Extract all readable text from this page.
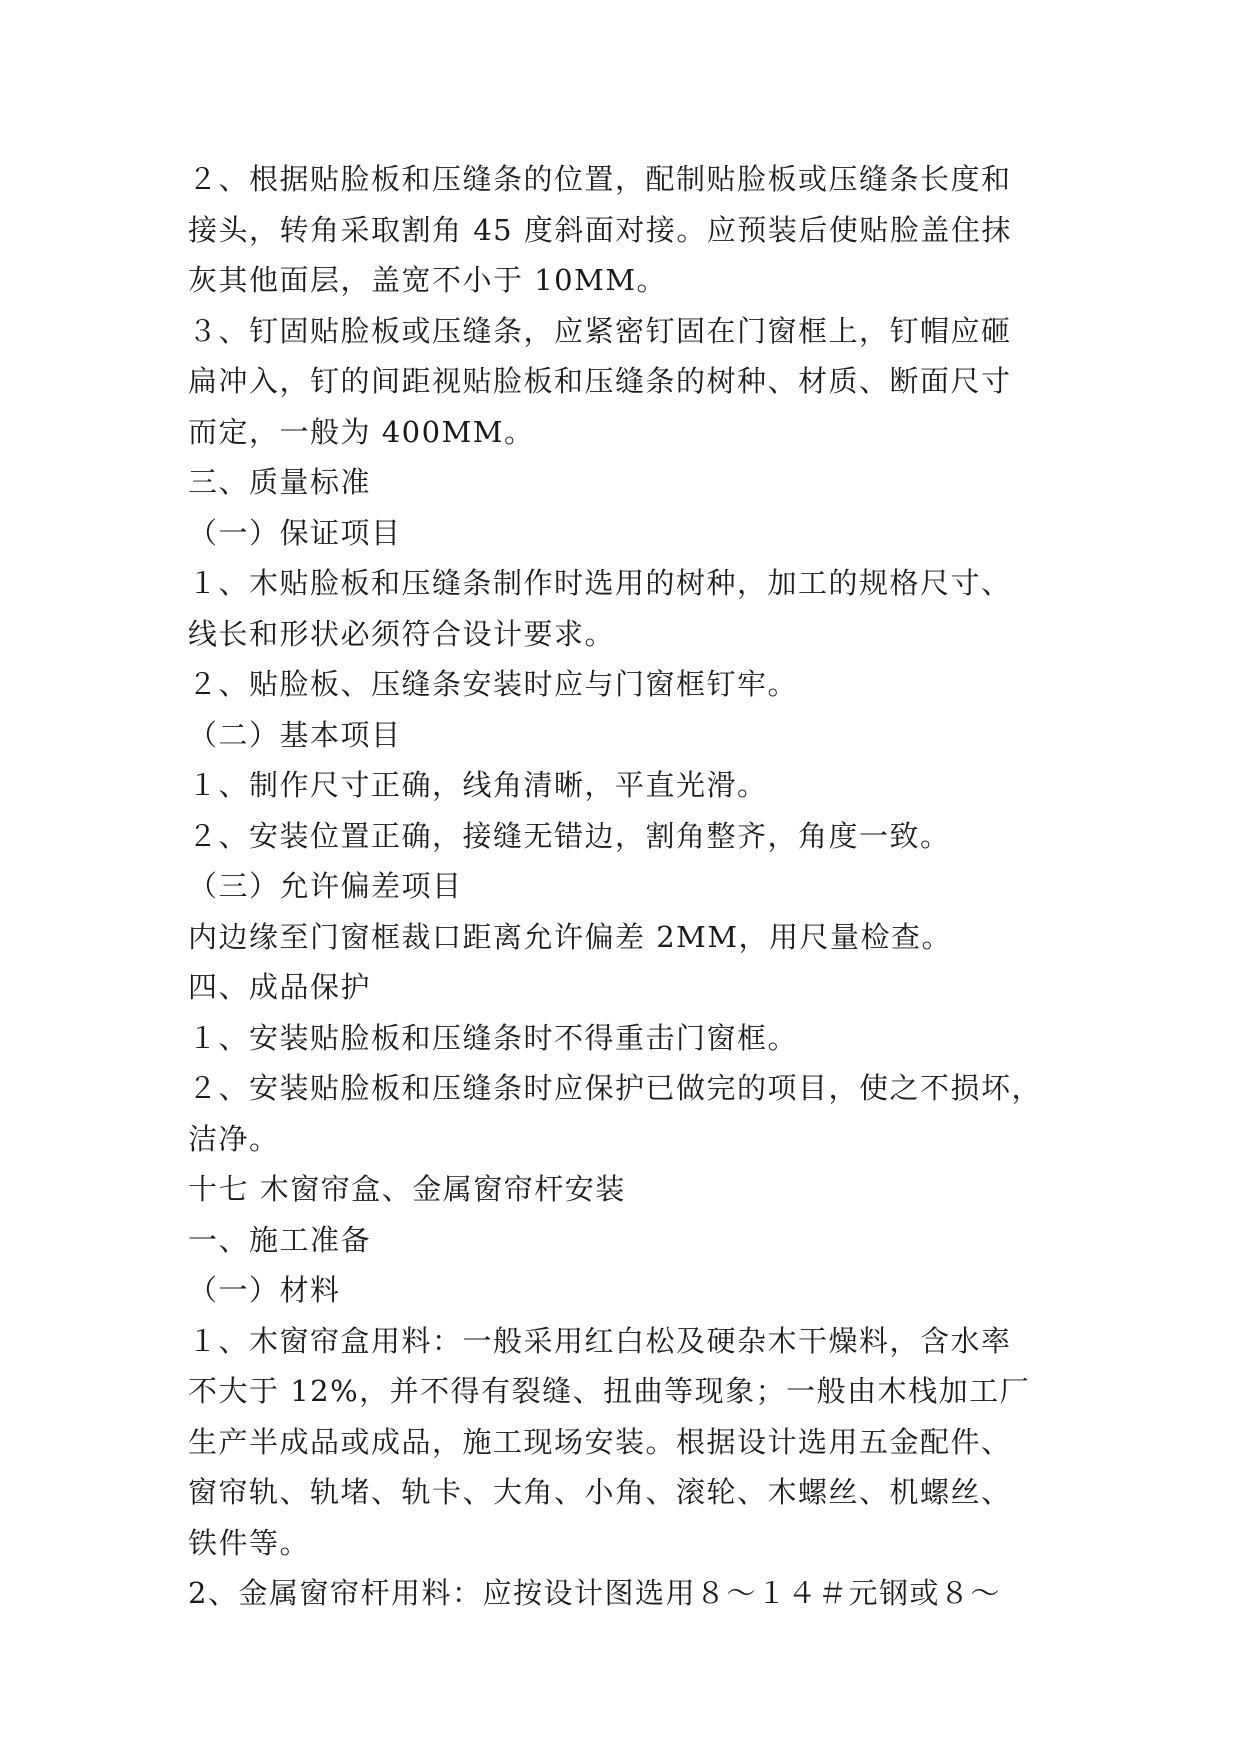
２、根据贴脸板和压缝条的位置，配制贴脸板或压缝条长度和

接头，转角采取割角 45 度斜面对接。应预装后使贴脸盖住抹

灰其他面层，盖宽不小于 10MM。

３、钉固贴脸板或压缝条，应紧密钉固在门窗框上，钉帽应砸

扁冲入，钉的间距视贴脸板和压缝条的树种、材质、断面尺寸

而定，一般为 400MM。

三、质量标准

（一）保证项目

１、木贴脸板和压缝条制作时选用的树种，加工的规格尺寸、

线长和形状必须符合设计要求。

２、贴脸板、压缝条安装时应与门窗框钉牢。

（二）基本项目

１、制作尺寸正确，线角清晰，平直光滑。

２、安装位置正确，接缝无错边，割角整齐，角度一致。

（三）允许偏差项目

内边缘至门窗框裁口距离允许偏差 2MM，用尺量检查。

四、成品保护

１、安装贴脸板和压缝条时不得重击门窗框。

２、安装贴脸板和压缝条时应保护已做完的项目，使之不损坏，

洁净。

十七 木窗帘盒、金属窗帘杆安装

一、施工准备

（一）材料

１、木窗帘盒用料：一般采用红白松及硬杂木干燥料，含水率

不大于 12%，并不得有裂缝、扭曲等现象；一般由木栈加工厂

生产半成品或成品，施工现场安装。根据设计选用五金配件、

窗帘轨、轨堵、轨卡、大角、小角、滚轮、木螺丝、机螺丝、

铁件等。

2、金属窗帘杆用料：应按设计图选用８～１４＃元钢或８～
